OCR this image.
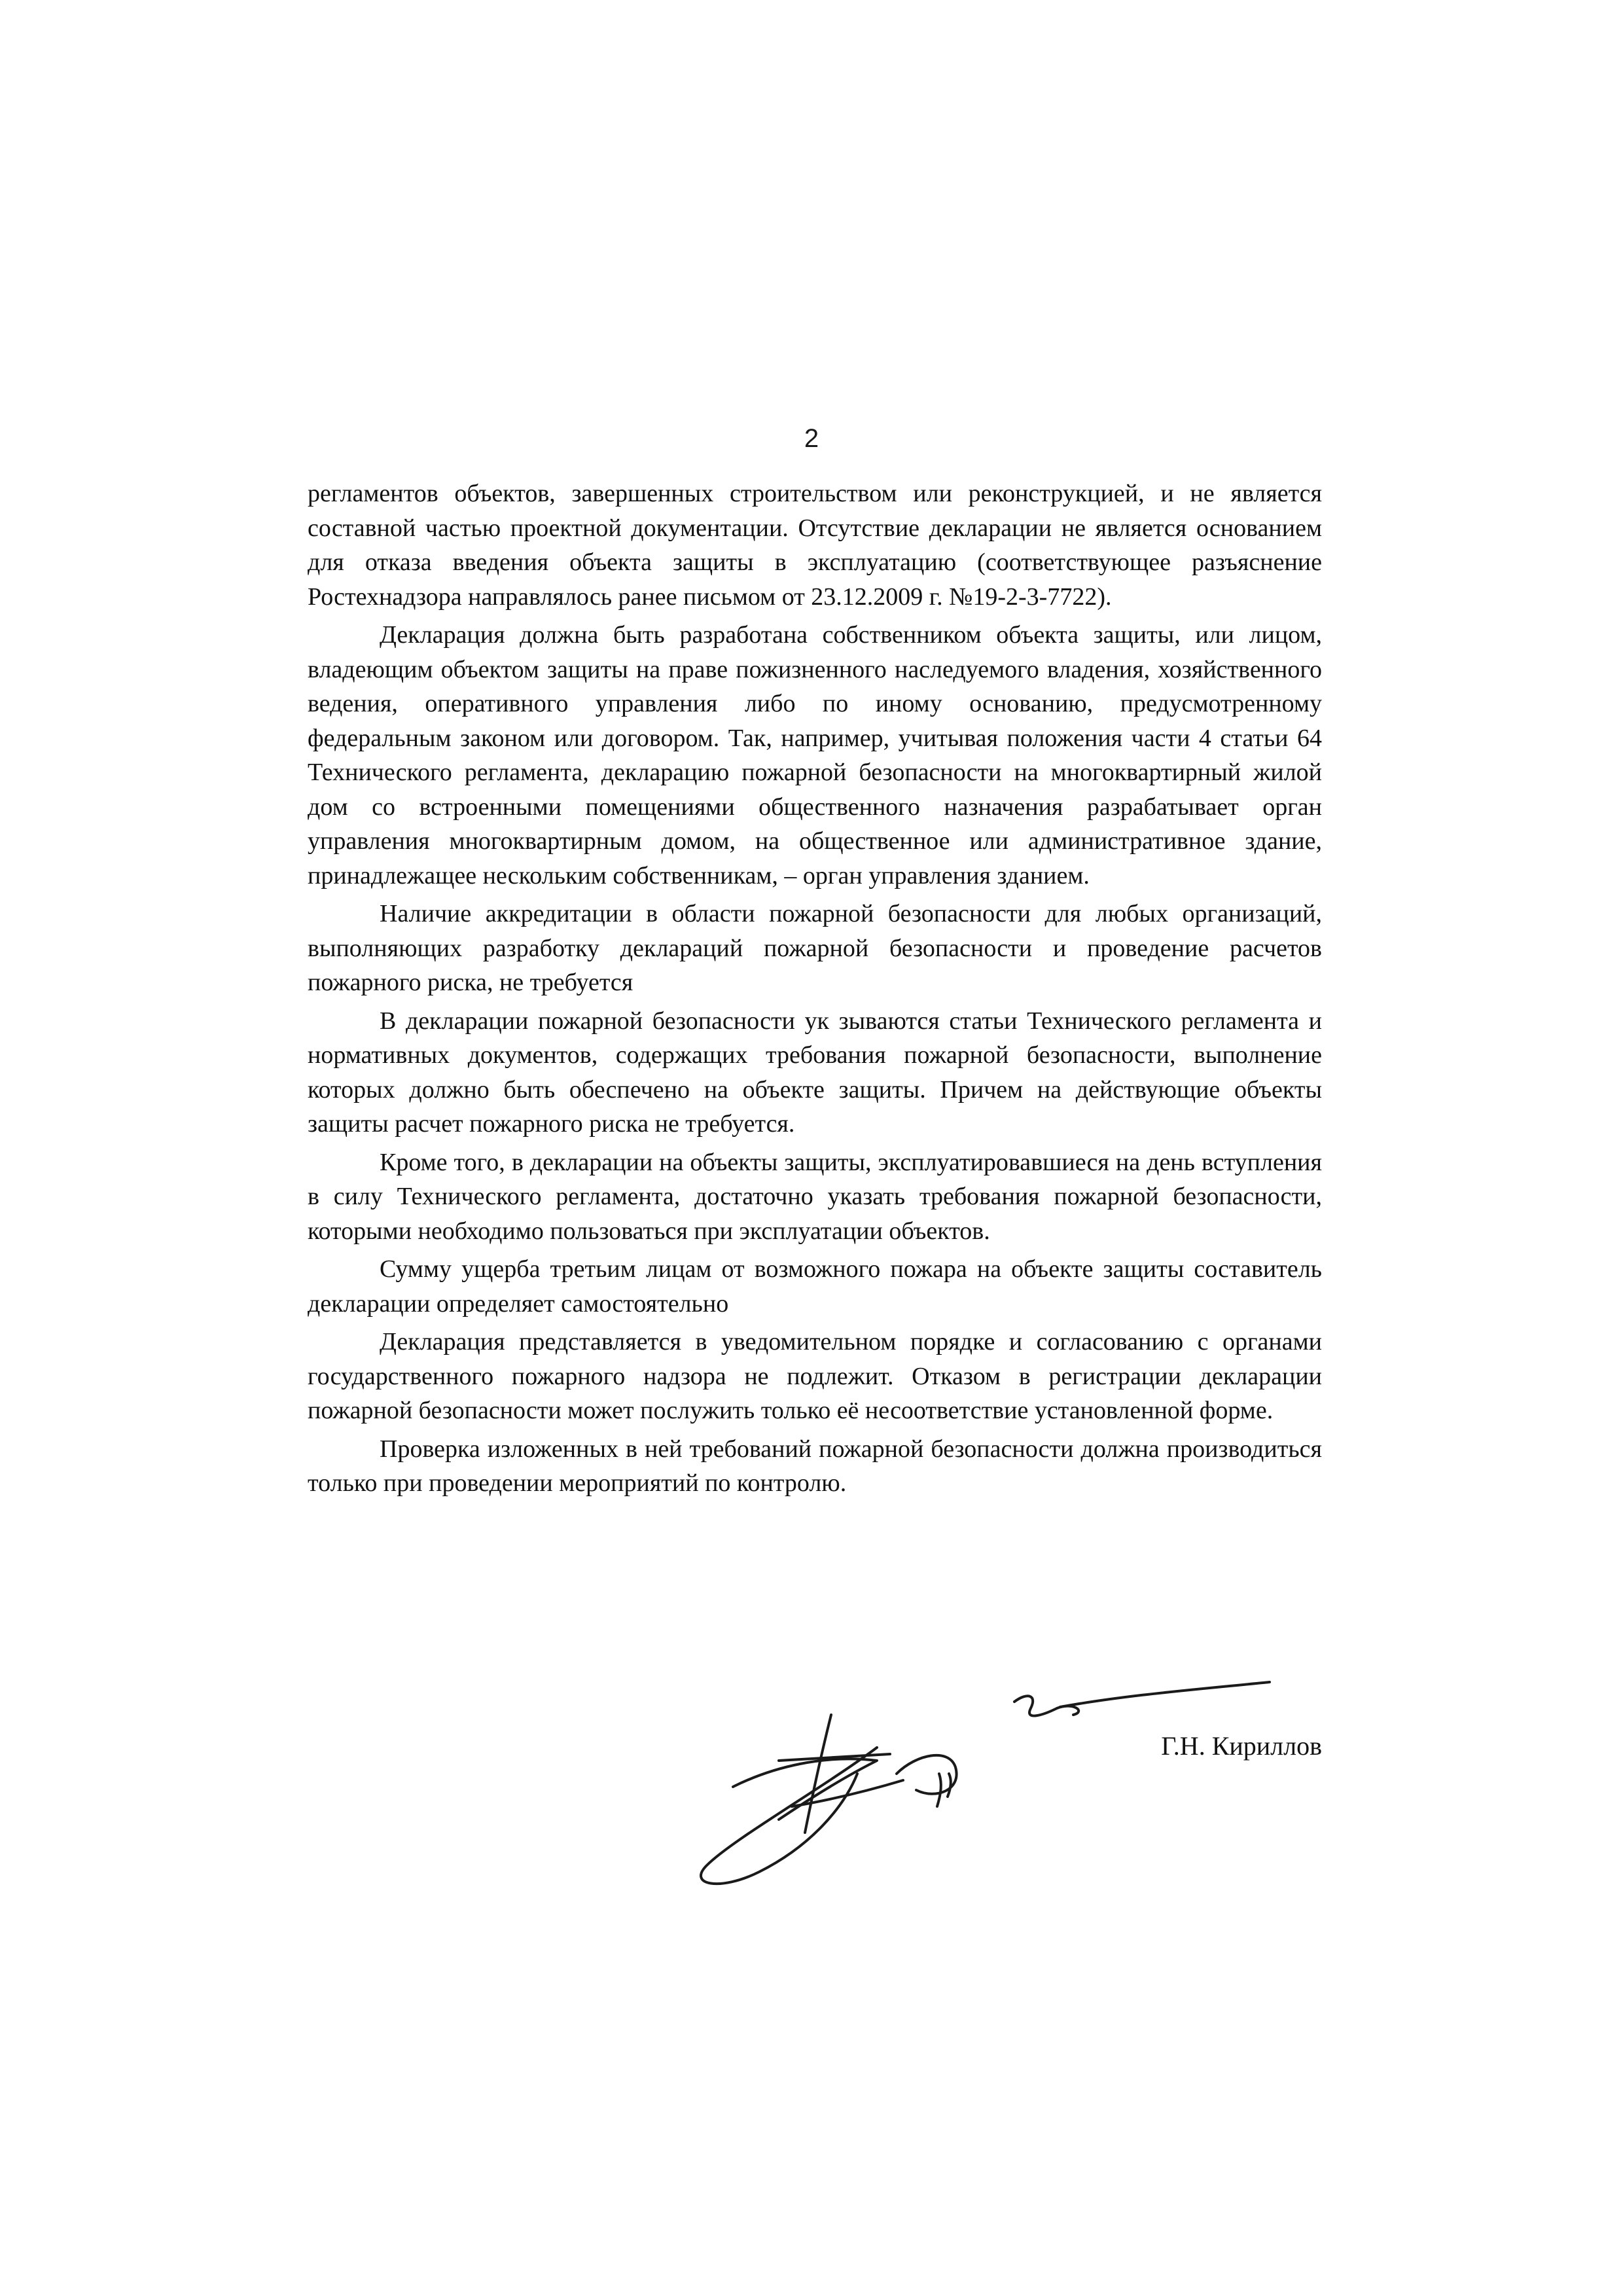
2

регламентов объектов, завершенных строительством или реконструкцией, и не является составной частью проектной документации. Отсутствие декларации не является основанием для отказа введения объекта защиты в эксплуатацию (соответствующее разъяснение Ростехнадзора направлялось ранее письмом от 23.12.2009 г. №19-2-3-7722).

Декларация должна быть разработана собственником объекта защиты, или лицом, владеющим объектом защиты на праве пожизненного наследуемого владения, хозяйственного ведения, оперативного управления либо по иному основанию, предусмотренному федеральным законом или договором. Так, например, учитывая положения части 4 статьи 64 Технического регламента, декларацию пожарной безопасности на многоквартирный жилой дом со встроенными помещениями общественного назначения разрабатывает орган управления многоквартирным домом, на общественное или административное здание, принадлежащее нескольким собственникам, – орган управления зданием.

Наличие аккредитации в области пожарной безопасности для любых организаций, выполняющих разработку деклараций пожарной безопасности и проведение расчетов пожарного риска, не требуется

В декларации пожарной безопасности ук зываются статьи Технического регламента и нормативных документов, содержащих требования пожарной безопасности, выполнение которых должно быть обеспечено на объекте защиты. Причем на действующие объекты защиты расчет пожарного риска не требуется.

Кроме того, в декларации на объекты защиты, эксплуатировавшиеся на день вступления в силу Технического регламента, достаточно указать требования пожарной безопасности, которыми необходимо пользоваться при эксплуатации объектов.

Сумму ущерба третьим лицам от возможного пожара на объекте защиты составитель декларации определяет самостоятельно

Декларация представляется в уведомительном порядке и согласованию с органами государственного пожарного надзора не подлежит. Отказом в регистрации декларации пожарной безопасности может послужить только её несоответствие установленной форме.

Проверка изложенных в ней требований пожарной безопасности должна производиться только при проведении мероприятий по контролю.

Г.Н. Кириллов
